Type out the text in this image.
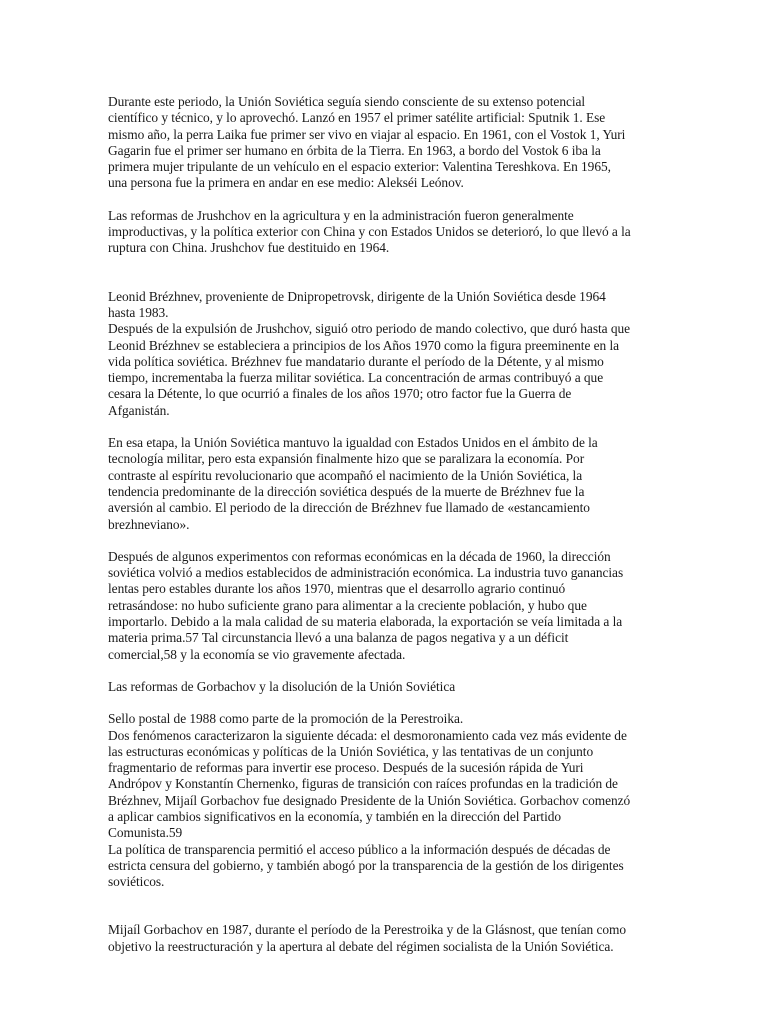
Durante este periodo, la Unión Soviética seguía siendo consciente de su extenso potencial científico y técnico, y lo aprovechó. Lanzó en 1957 el primer satélite artificial: Sputnik 1. Ese mismo año, la perra Laika fue primer ser vivo en viajar al espacio. En 1961, con el Vostok 1, Yuri Gagarin fue el primer ser humano en órbita de la Tierra. En 1963, a bordo del Vostok 6 iba la primera mujer tripulante de un vehículo en el espacio exterior: Valentina Tereshkova. En 1965, una persona fue la primera en andar en ese medio: Alekséi Leónov.

Las reformas de Jrushchov en la agricultura y en la administración fueron generalmente improductivas, y la política exterior con China y con Estados Unidos se deterioró, lo que llevó a la ruptura con China. Jrushchov fue destituido en 1964.

Leonid Brézhnev, proveniente de Dnipropetrovsk, dirigente de la Unión Soviética desde 1964 hasta 1983.
Después de la expulsión de Jrushchov, siguió otro periodo de mando colectivo, que duró hasta que Leonid Brézhnev se estableciera a principios de los Años 1970 como la figura preeminente en la vida política soviética. Brézhnev fue mandatario durante el período de la Détente, y al mismo tiempo, incrementaba la fuerza militar soviética. La concentración de armas contribuyó a que cesara la Détente, lo que ocurrió a finales de los años 1970; otro factor fue la Guerra de Afganistán.

En esa etapa, la Unión Soviética mantuvo la igualdad con Estados Unidos en el ámbito de la tecnología militar, pero esta expansión finalmente hizo que se paralizara la economía. Por contraste al espíritu revolucionario que acompañó el nacimiento de la Unión Soviética, la tendencia predominante de la dirección soviética después de la muerte de Brézhnev fue la aversión al cambio. El periodo de la dirección de Brézhnev fue llamado de «estancamiento brezhneviano».

Después de algunos experimentos con reformas económicas en la década de 1960, la dirección soviética volvió a medios establecidos de administración económica. La industria tuvo ganancias lentas pero estables durante los años 1970, mientras que el desarrollo agrario continuó retrasándose: no hubo suficiente grano para alimentar a la creciente población, y hubo que importarlo. Debido a la mala calidad de su materia elaborada, la exportación se veía limitada a la materia prima.57 Tal circunstancia llevó a una balanza de pagos negativa y a un déficit comercial,58 y la economía se vio gravemente afectada.

Las reformas de Gorbachov y la disolución de la Unión Soviética

Sello postal de 1988 como parte de la promoción de la Perestroika.
Dos fenómenos caracterizaron la siguiente década: el desmoronamiento cada vez más evidente de las estructuras económicas y políticas de la Unión Soviética, y las tentativas de un conjunto fragmentario de reformas para invertir ese proceso. Después de la sucesión rápida de Yuri Andrópov y Konstantín Chernenko, figuras de transición con raíces profundas en la tradición de Brézhnev, Mijaíl Gorbachov fue designado Presidente de la Unión Soviética. Gorbachov comenzó a aplicar cambios significativos en la economía, y también en la dirección del Partido Comunista.59
La política de transparencia permitió el acceso público a la información después de décadas de estricta censura del gobierno, y también abogó por la transparencia de la gestión de los dirigentes soviéticos.

Mijaíl Gorbachov en 1987, durante el período de la Perestroika y de la Glásnost, que tenían como objetivo la reestructuración y la apertura al debate del régimen socialista de la Unión Soviética.
